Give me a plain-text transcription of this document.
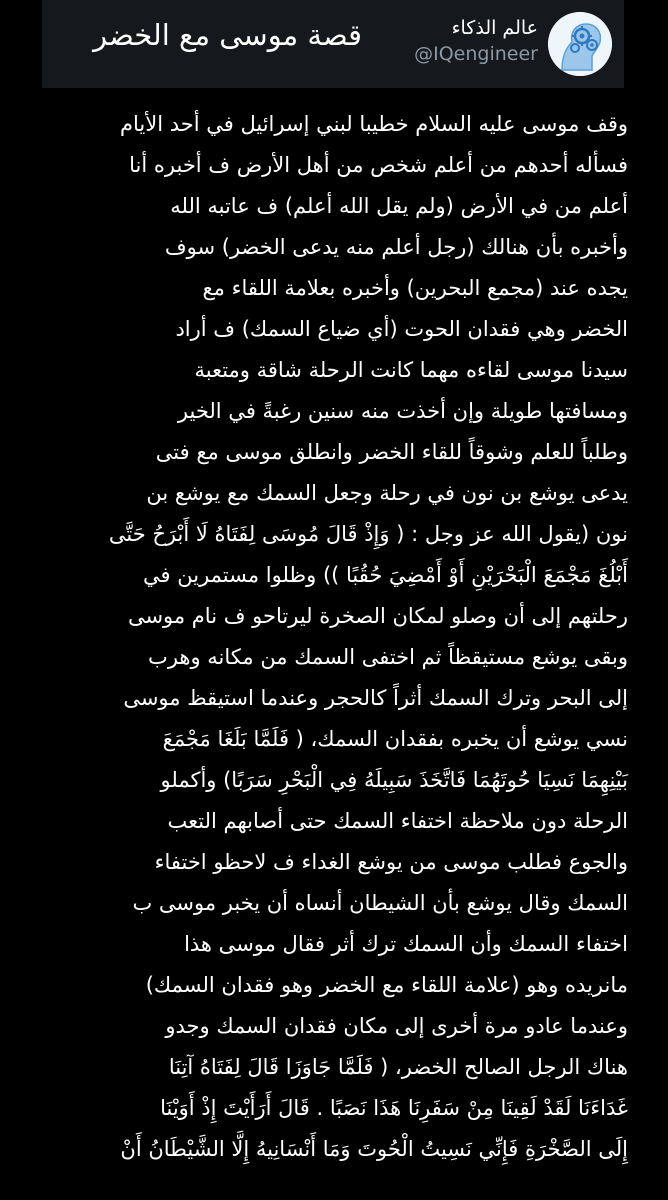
قصة موسى مع الخضر	عالم الذكاء
@IQengineer
وقف موسى عليه السلام خطيبا لبني إسرائيل في أحد الأيام
فسأله أحدهم من أعلم شخص من أهل الأرض ف أخبره أنا
أعلم من في الأرض (ولم يقل الله أعلم) ف عاتبه الله
وأخبره بأن هنالك (رجل أعلم منه يدعى الخضر) سوف
يجده عند (مجمع البحرين) وأخبره بعلامة اللقاء مع
الخضر وهي فقدان الحوت (أي ضياع السمك) ف أراد
سيدنا موسى لقاءه مهما كانت الرحلة شاقة ومتعبة
ومسافتها طويلة وإن أخذت منه سنين رغبةً في الخير
وطلباً للعلم وشوقاً للقاء الخضر وانطلق موسى مع فتى
يدعى يوشع بن نون في رحلة وجعل السمك مع يوشع بن
نون (يقول الله عز وجل : ( وَإِذْ قَالَ مُوسَى لِفَتَاهُ لَا أَبْرَحُ حَتَّى
أَبْلُغَ مَجْمَعَ الْبَحْرَيْنِ أَوْ أَمْضِيَ حُقُبًا )) وظلوا مستمرين في
رحلتهم إلى أن وصلو لمكان الصخرة ليرتاحو ف نام موسى
وبقى يوشع مستيقظاً ثم اختفى السمك من مكانه وهرب
إلى البحر وترك السمك أثراً كالحجر وعندما استيقظ موسى
نسي يوشع أن يخبره بفقدان السمك، ( فَلَمَّا بَلَغَا مَجْمَعَ
بَيْنِهِمَا نَسِيَا حُوتَهُمَا فَاتَّخَذَ سَبِيلَهُ فِي الْبَحْرِ سَرَبًا) وأكملو
الرحلة دون ملاحظة اختفاء السمك حتى أصابهم التعب
والجوع فطلب موسى من يوشع الغداء ف لاحظو اختفاء
السمك وقال يوشع بأن الشيطان أنساه أن يخبر موسى ب
اختفاء السمك وأن السمك ترك أثر فقال موسى هذا
مانريده وهو (علامة اللقاء مع الخضر وهو فقدان السمك)
وعندما عادو مرة أخرى إلى مكان فقدان السمك وجدو
هناك الرجل الصالح الخضر، ( فَلَمَّا جَاوَزَا قَالَ لِفَتَاهُ آتِنَا
غَدَاءَنَا لَقَدْ لَقِينَا مِنْ سَفَرِنَا هَذَا نَصَبًا . قَالَ أَرَأَيْتَ إِذْ أَوَيْنَا
إِلَى الصَّخْرَةِ فَإِنِّي نَسِيتُ الْحُوتَ وَمَا أَنْسَانِيهُ إِلَّا الشَّيْطَانُ أَنْ
